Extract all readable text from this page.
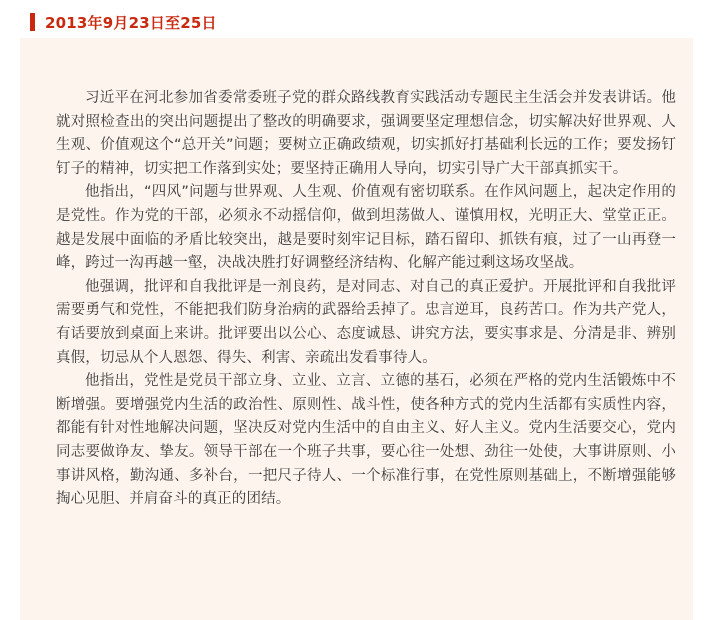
2013年9月23日至25日

习近平在河北参加省委常委班子党的群众路线教育实践活动专题民主生活会并发表讲话。他就对照检查出的突出问题提出了整改的明确要求，强调要坚定理想信念，切实解决好世界观、人生观、价值观这个“总开关”问题；要树立正确政绩观，切实抓好打基础利长远的工作；要发扬钉钉子的精神，切实把工作落到实处；要坚持正确用人导向，切实引导广大干部真抓实干。

他指出，“四风”问题与世界观、人生观、价值观有密切联系。在作风问题上，起决定作用的是党性。作为党的干部，必须永不动摇信仰，做到坦荡做人、谨慎用权，光明正大、堂堂正正。越是发展中面临的矛盾比较突出，越是要时刻牢记目标，踏石留印、抓铁有痕，过了一山再登一峰，跨过一沟再越一壑，决战决胜打好调整经济结构、化解产能过剩这场攻坚战。

他强调，批评和自我批评是一剂良药，是对同志、对自己的真正爱护。开展批评和自我批评需要勇气和党性，不能把我们防身治病的武器给丢掉了。忠言逆耳，良药苦口。作为共产党人，有话要放到桌面上来讲。批评要出以公心、态度诚恳、讲究方法，要实事求是、分清是非、辨别真假，切忌从个人恩怨、得失、利害、亲疏出发看事待人。

他指出，党性是党员干部立身、立业、立言、立德的基石，必须在严格的党内生活锻炼中不断增强。要增强党内生活的政治性、原则性、战斗性，使各种方式的党内生活都有实质性内容，都能有针对性地解决问题，坚决反对党内生活中的自由主义、好人主义。党内生活要交心，党内同志要做诤友、挚友。领导干部在一个班子共事，要心往一处想、劲往一处使，大事讲原则、小事讲风格，勤沟通、多补台，一把尺子待人、一个标准行事，在党性原则基础上，不断增强能够掏心见胆、并肩奋斗的真正的团结。
